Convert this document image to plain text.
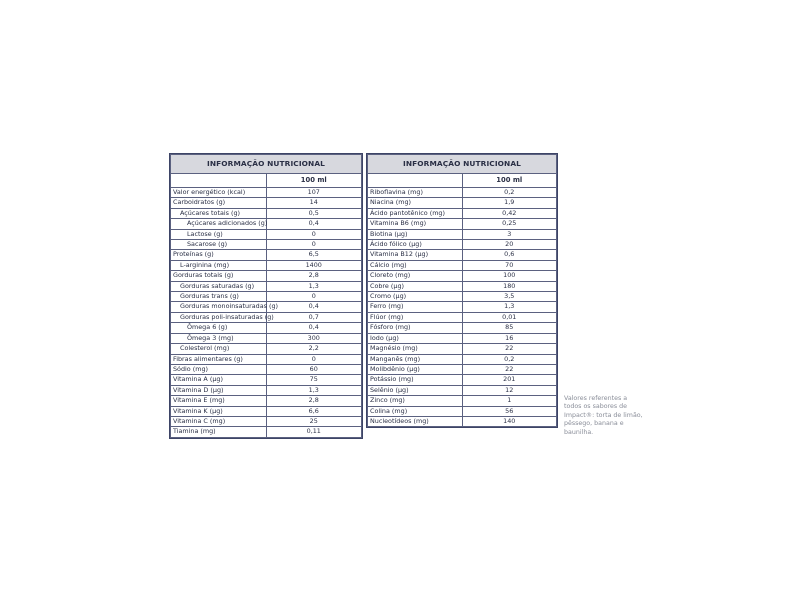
INFORMAÇÃO NUTRICIONAL	
	100 ml
Valor energético (kcal)	107
Carboidratos (g)	14
Açúcares totais (g)	0,5
Açúcares adicionados (g)	0,4
Lactose (g)	0
Sacarose (g)	0
Proteínas (g)	6,5
L-arginina (mg)	1400
Gorduras totais (g)	2,8
Gorduras saturadas (g)	1,3
Gorduras trans (g)	0
Gorduras monoinsaturadas (g)	0,4
Gorduras poli-insaturadas (g)	0,7
Ômega 6 (g)	0,4
Ômega 3 (mg)	300
Colesterol (mg)	2,2
Fibras alimentares (g)	0
Sódio (mg)	60
Vitamina A (µg)	75
Vitamina D (µg)	1,3
Vitamina E (mg)	2,8
Vitamina K (µg)	6,6
Vitamina C (mg)	25
Tiamina (mg)	0,11
INFORMAÇÃO NUTRICIONAL	
	100 ml
Riboflavina (mg)	0,2
Niacina (mg)	1,9
Ácido pantotênico (mg)	0,42
Vitamina B6 (mg)	0,25
Biotina (µg)	3
Ácido fólico (µg)	20
Vitamina B12 (µg)	0,6
Cálcio (mg)	70
Cloreto (mg)	100
Cobre (µg)	180
Cromo (µg)	3,5
Ferro (mg)	1,3
Flúor (mg)	0,01
Fósforo (mg)	85
Iodo (µg)	16
Magnésio (mg)	22
Manganês (mg)	0,2
Molibdênio (µg)	22
Potássio (mg)	201
Selênio (µg)	12
Zinco (mg)	1
Colina (mg)	56
Nucleotídeos (mg)	140
Valores referentes a todos os sabores de Impact®: torta de limão, pêssego, banana e baunilha.
